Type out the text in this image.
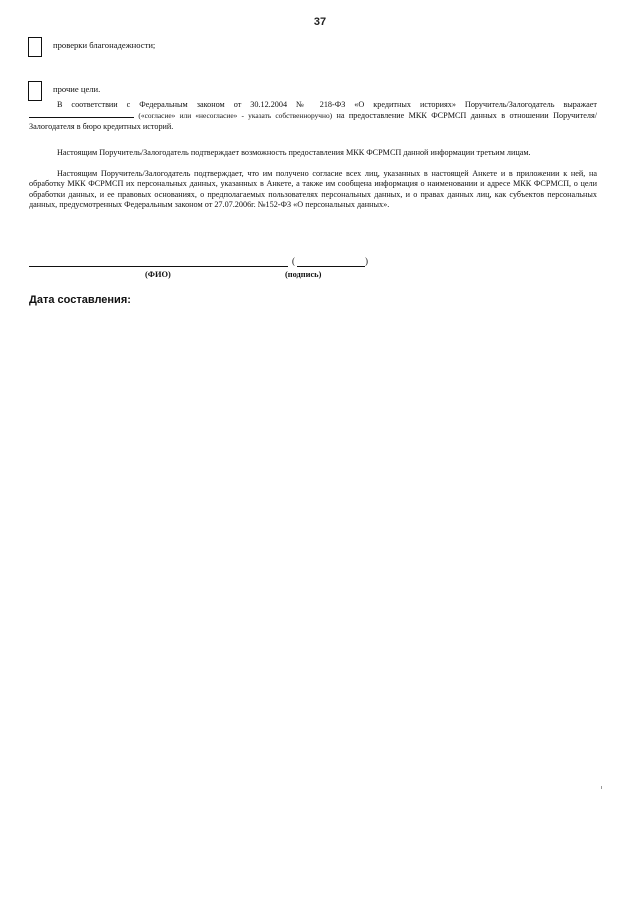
37
проверки благонадежности;
прочие цели.
В соответствии с Федеральным законом от 30.12.2004 № 218-ФЗ «О кредитных историях» Поручитель/Залогодатель выражает  («согласие» или «несогласие» - указать собственноручно) на предоставление МКК ФСРМСП данных в отношении Поручителя/Залогодателя в бюро кредитных историй.
Настоящим Поручитель/Залогодатель подтверждает возможность предоставления МКК ФСРМСП данной информации третьим лицам.
Настоящим Поручитель/Залогодатель подтверждает, что им получено согласие всех лиц, указанных в настоящей Анкете и в приложении к ней, на обработку МКК ФСРМСП их персональных данных, указанных в Анкете, а также им сообщена информация о наименовании и адресе МКК ФСРМСП, о цели обработки данных, и ее правовых основаниях, о предполагаемых пользователях персональных данных, и о правах данных лиц, как субъектов персональных данных, предусмотренных Федеральным законом от 27.07.2006г. №152-ФЗ «О персональных данных».
(	)
(ФИО)	(подпись)
Дата составления:
